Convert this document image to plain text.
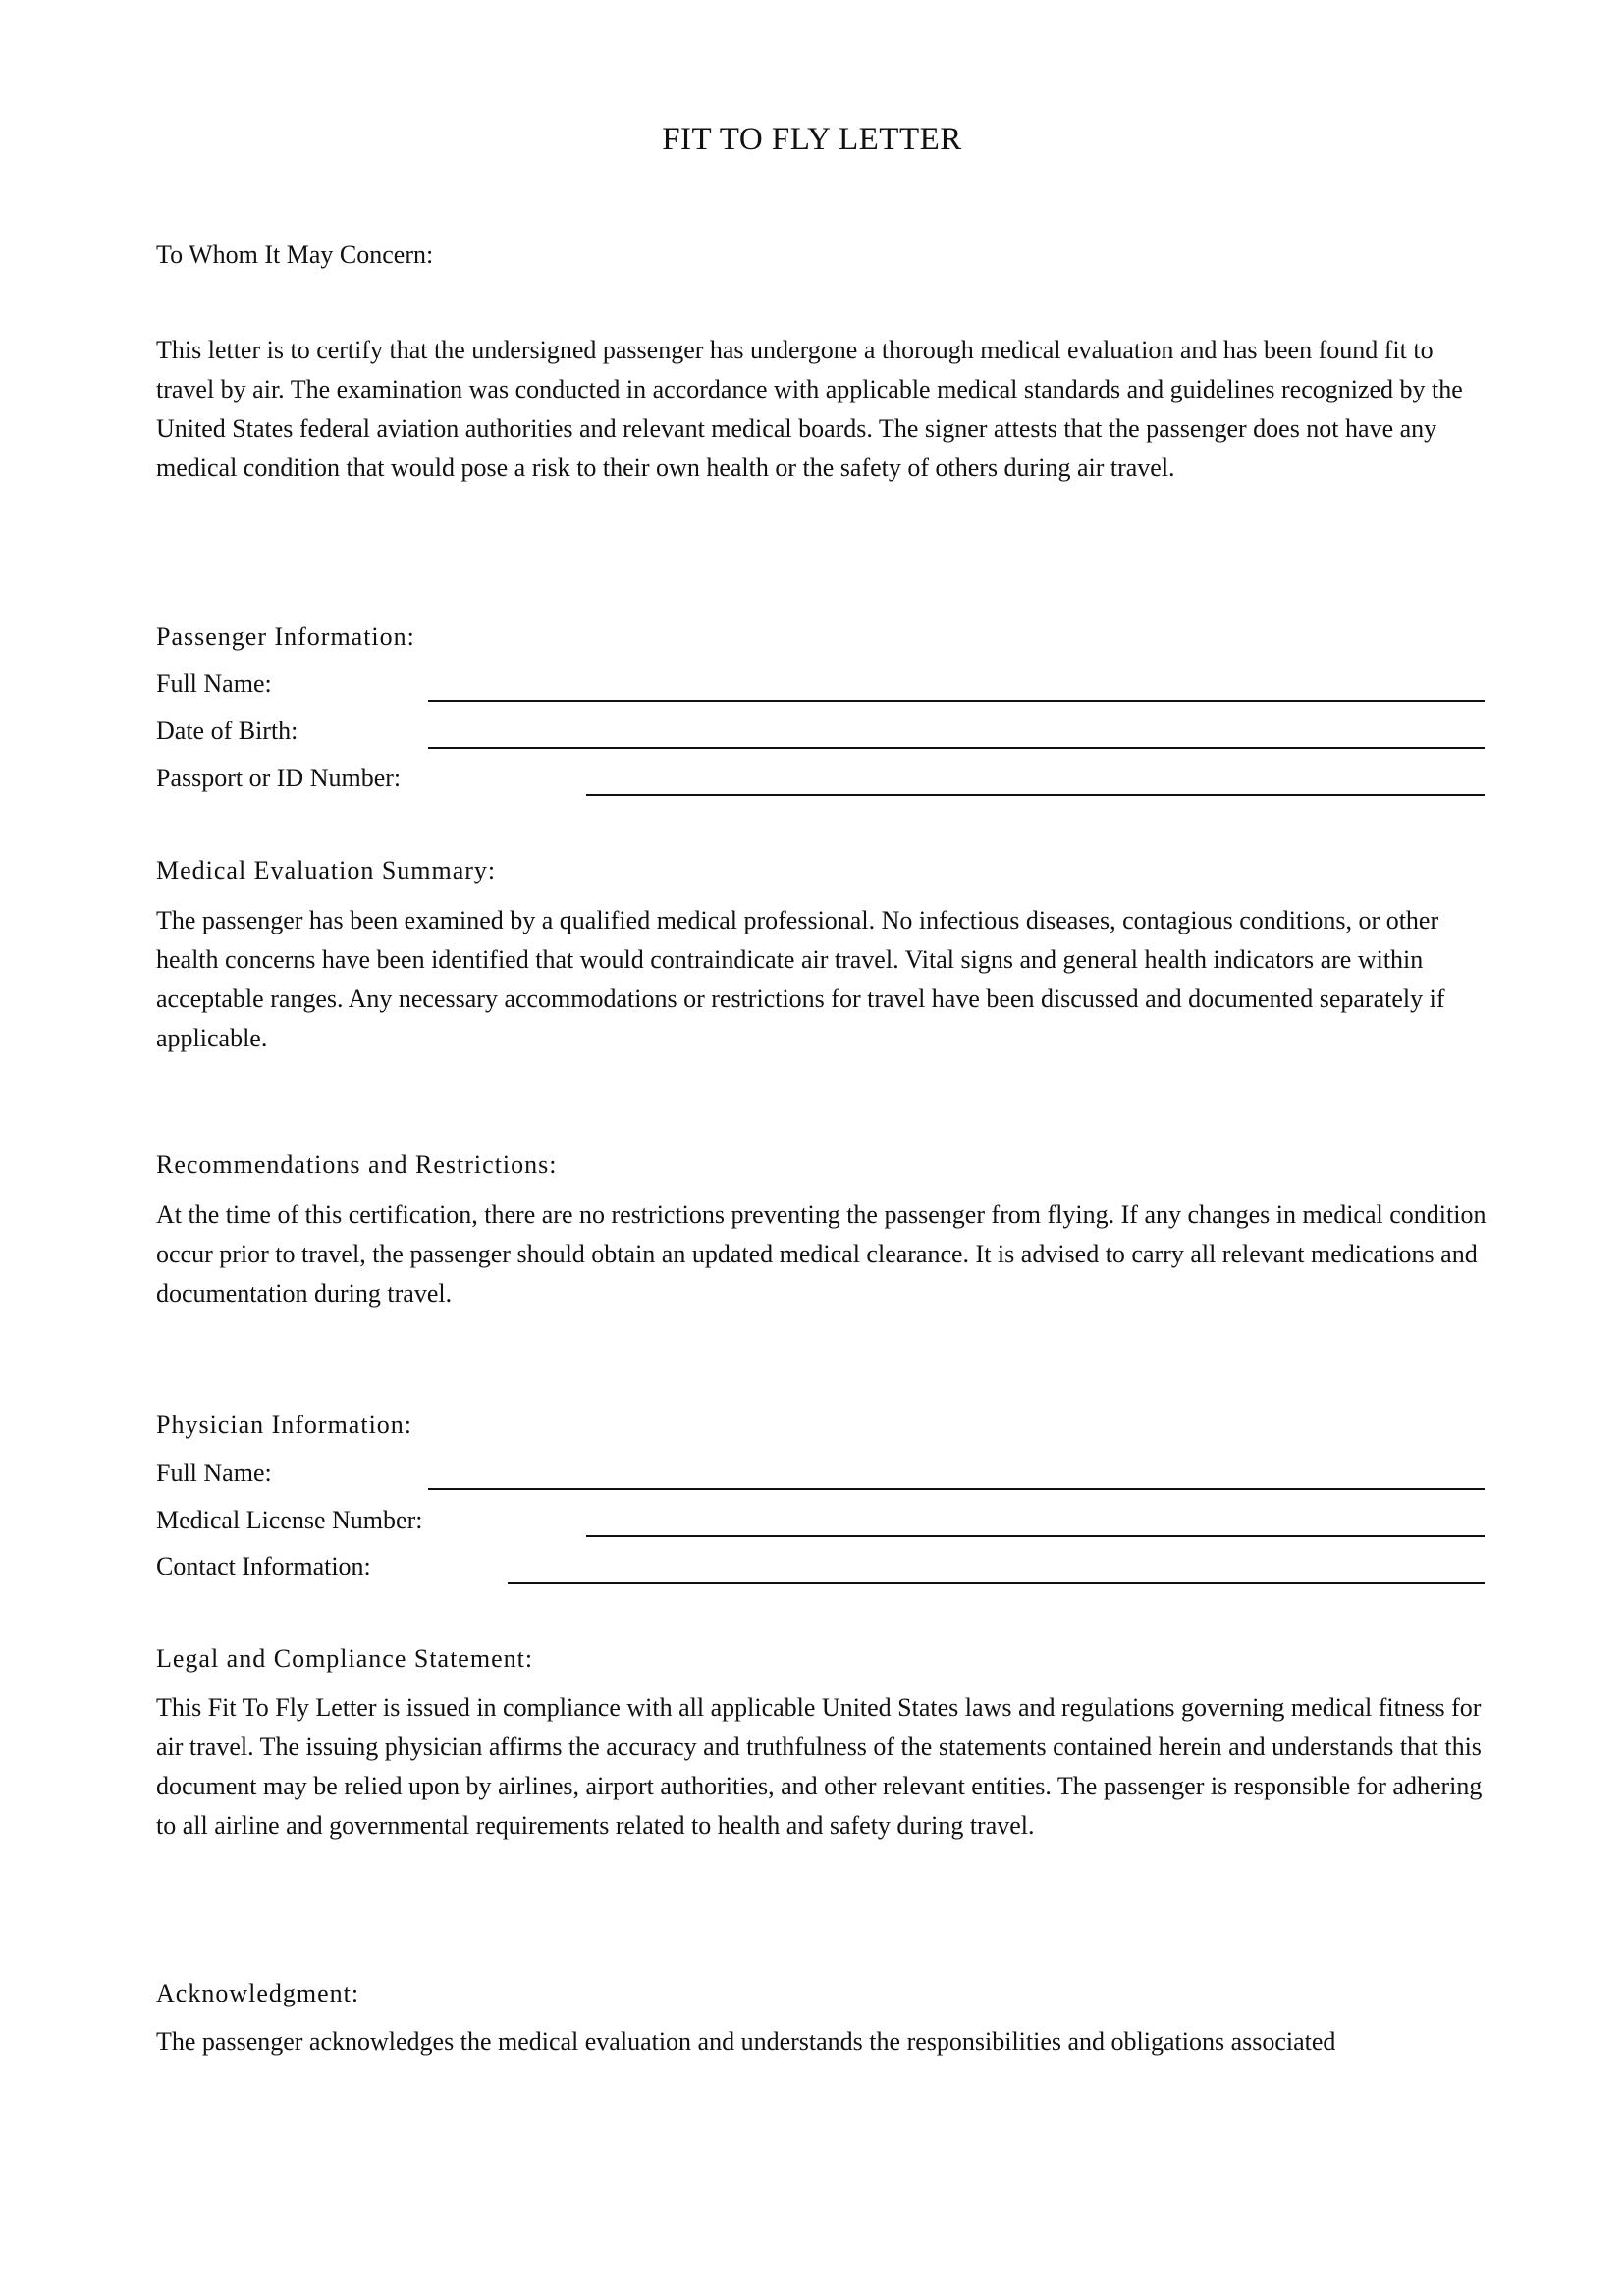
FIT TO FLY LETTER
To Whom It May Concern:
This letter is to certify that the undersigned passenger has undergone a thorough medical evaluation and has been found fit to travel by air. The examination was conducted in accordance with applicable medical standards and guidelines recognized by the United States federal aviation authorities and relevant medical boards. The signer attests that the passenger does not have any medical condition that would pose a risk to their own health or the safety of others during air travel.
Passenger Information:
Full Name:
Date of Birth:
Passport or ID Number:
Medical Evaluation Summary:
The passenger has been examined by a qualified medical professional. No infectious diseases, contagious conditions, or other health concerns have been identified that would contraindicate air travel. Vital signs and general health indicators are within acceptable ranges. Any necessary accommodations or restrictions for travel have been discussed and documented separately if applicable.
Recommendations and Restrictions:
At the time of this certification, there are no restrictions preventing the passenger from flying. If any changes in medical condition occur prior to travel, the passenger should obtain an updated medical clearance. It is advised to carry all relevant medications and documentation during travel.
Physician Information:
Full Name:
Medical License Number:
Contact Information:
Legal and Compliance Statement:
This Fit To Fly Letter is issued in compliance with all applicable United States laws and regulations governing medical fitness for air travel. The issuing physician affirms the accuracy and truthfulness of the statements contained herein and understands that this document may be relied upon by airlines, airport authorities, and other relevant entities. The passenger is responsible for adhering to all airline and governmental requirements related to health and safety during travel.
Acknowledgment:
The passenger acknowledges the medical evaluation and understands the responsibilities and obligations associated
